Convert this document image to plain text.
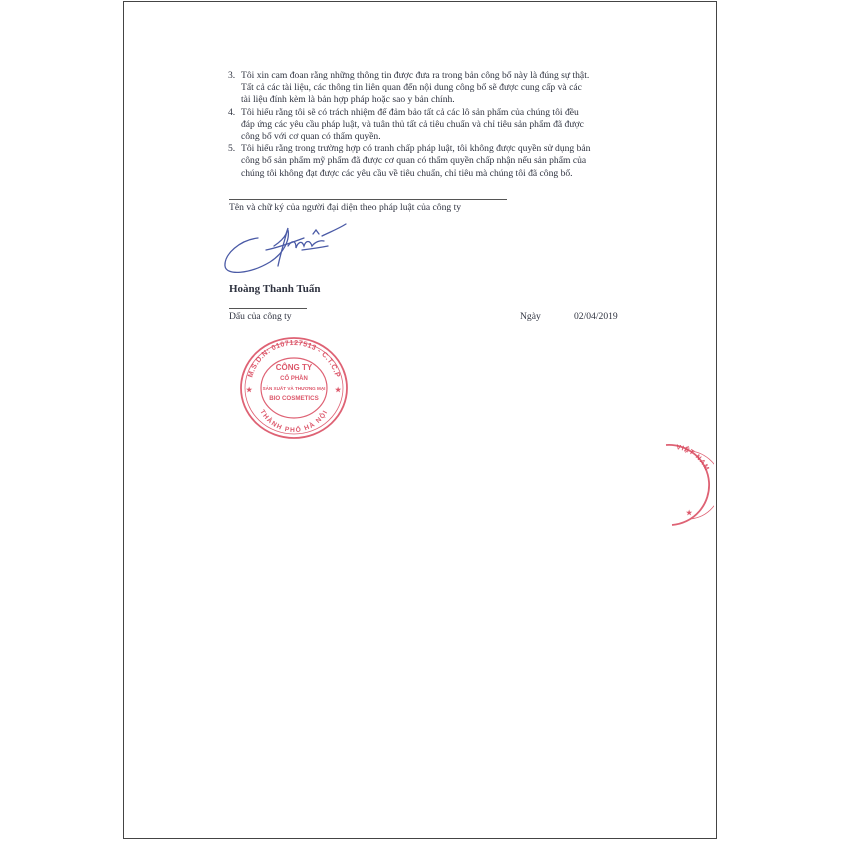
3. Tôi xin cam đoan rằng những thông tin được đưa ra trong bản công bố này là đúng sự thật.

Tất cả các tài liệu, các thông tin liên quan đến nội dung công bố sẽ được cung cấp và các

tài liệu đính kèm là bản hợp pháp hoặc sao y bản chính.

4. Tôi hiểu rằng tôi sẽ có trách nhiệm để đảm bảo tất cả các lô sản phẩm của chúng tôi đều

đáp ứng các yêu cầu pháp luật, và tuân thủ tất cả tiêu chuẩn và chỉ tiêu sản phẩm đã được

công bố với cơ quan có thẩm quyền.

5. Tôi hiểu rằng trong trường hợp có tranh chấp pháp luật, tôi không được quyền sử dụng bản

công bố sản phẩm mỹ phẩm đã được cơ quan có thẩm quyền chấp nhận nếu sản phẩm của

chúng tôi không đạt được các yêu cầu về tiêu chuẩn, chỉ tiêu mà chúng tôi đã công bố.

Tên và chữ ký của người đại diện theo pháp luật của công ty
Hoàng Thanh Tuấn
Dấu của công ty	Ngày	02/04/2019
M.S.D.N: 0107127513 - C.T.C.P
THÀNH PHỐ HÀ NỘI
CÔNG TY
CỔ PHẦN
SẢN XUẤT VÀ THƯƠNG MẠI
BIO COSMETICS
★	★
VIỆT NAM
★
